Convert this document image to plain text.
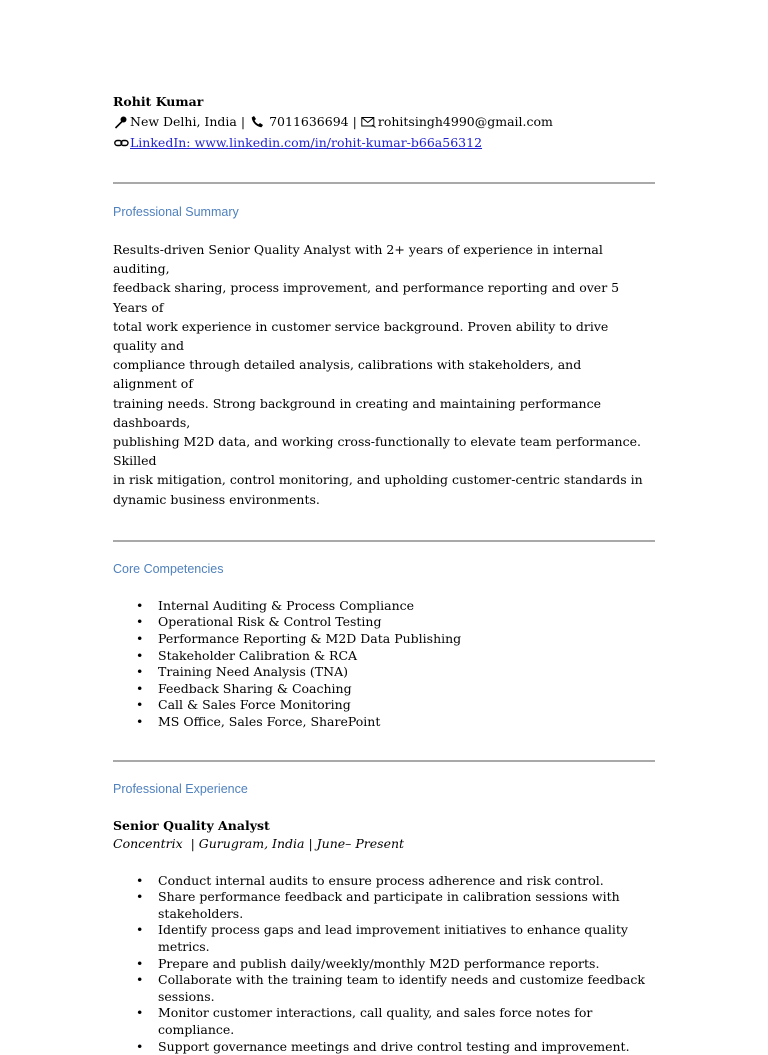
Rohit Kumar
New Delhi, India | 7011636694 | rohitsingh4990@gmail.com
LinkedIn: www.linkedin.com/in/rohit-kumar-b66a56312
Professional Summary
Results-driven Senior Quality Analyst with 2+ years of experience in internal auditing,
feedback sharing, process improvement, and performance reporting and over 5 Years of
total work experience in customer service background. Proven ability to drive quality and
compliance through detailed analysis, calibrations with stakeholders, and alignment of
training needs. Strong background in creating and maintaining performance dashboards,
publishing M2D data, and working cross-functionally to elevate team performance. Skilled
in risk mitigation, control monitoring, and upholding customer-centric standards in
dynamic business environments.
Core Competencies
• Internal Auditing & Process Compliance
• Operational Risk & Control Testing
• Performance Reporting & M2D Data Publishing
• Stakeholder Calibration & RCA
• Training Need Analysis (TNA)
• Feedback Sharing & Coaching
• Call & Sales Force Monitoring
• MS Office, Sales Force, SharePoint
Professional Experience
Senior Quality Analyst
Concentrix  | Gurugram, India | June– Present
• Conduct internal audits to ensure process adherence and risk control.
• Share performance feedback and participate in calibration sessions with
stakeholders.
• Identify process gaps and lead improvement initiatives to enhance quality metrics.
• Prepare and publish daily/weekly/monthly M2D performance reports.
• Collaborate with the training team to identify needs and customize feedback
sessions.
• Monitor customer interactions, call quality, and sales force notes for compliance.
• Support governance meetings and drive control testing and improvement.
